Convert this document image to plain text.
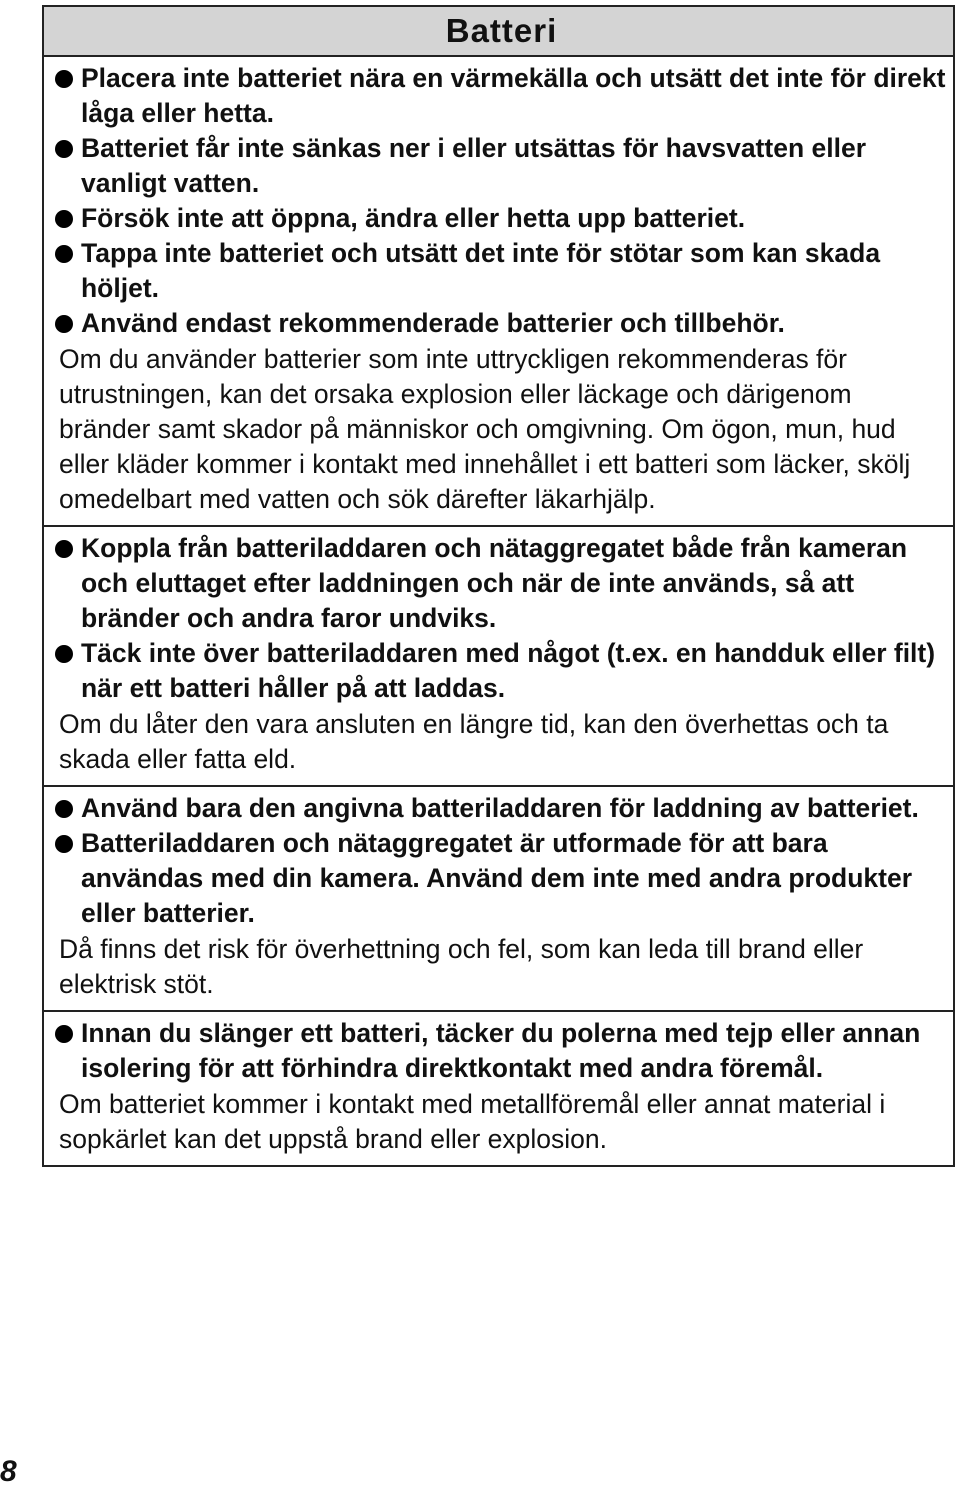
Batteri
Placera inte batteriet nära en värmekälla och utsätt det inte för direkt låga eller hetta.
Batteriet får inte sänkas ner i eller utsättas för havsvatten eller vanligt vatten.
Försök inte att öppna, ändra eller hetta upp batteriet.
Tappa inte batteriet och utsätt det inte för stötar som kan skada höljet.
Använd endast rekommenderade batterier och tillbehör.
Om du använder batterier som inte uttryckligen rekommenderas för utrustningen, kan det orsaka explosion eller läckage och därigenom bränder samt skador på människor och omgivning. Om ögon, mun, hud eller kläder kommer i kontakt med innehållet i ett batteri som läcker, skölj omedelbart med vatten och sök därefter läkarhjälp.
Koppla från batteriladdaren och nätaggregatet både från kameran och eluttaget efter laddningen och när de inte används, så att bränder och andra faror undviks.
Täck inte över batteriladdaren med något (t.ex. en handduk eller filt) när ett batteri håller på att laddas.
Om du låter den vara ansluten en längre tid, kan den överhettas och ta skada eller fatta eld.
Använd bara den angivna batteriladdaren för laddning av batteriet.
Batteriladdaren och nätaggregatet är utformade för att bara användas med din kamera. Använd dem inte med andra produkter eller batterier.
Då finns det risk för överhettning och fel, som kan leda till brand eller elektrisk stöt.
Innan du slänger ett batteri, täcker du polerna med tejp eller annan isolering för att förhindra direktkontakt med andra föremål.
Om batteriet kommer i kontakt med metallföremål eller annat material i sopkärlet kan det uppstå brand eller explosion.
8
